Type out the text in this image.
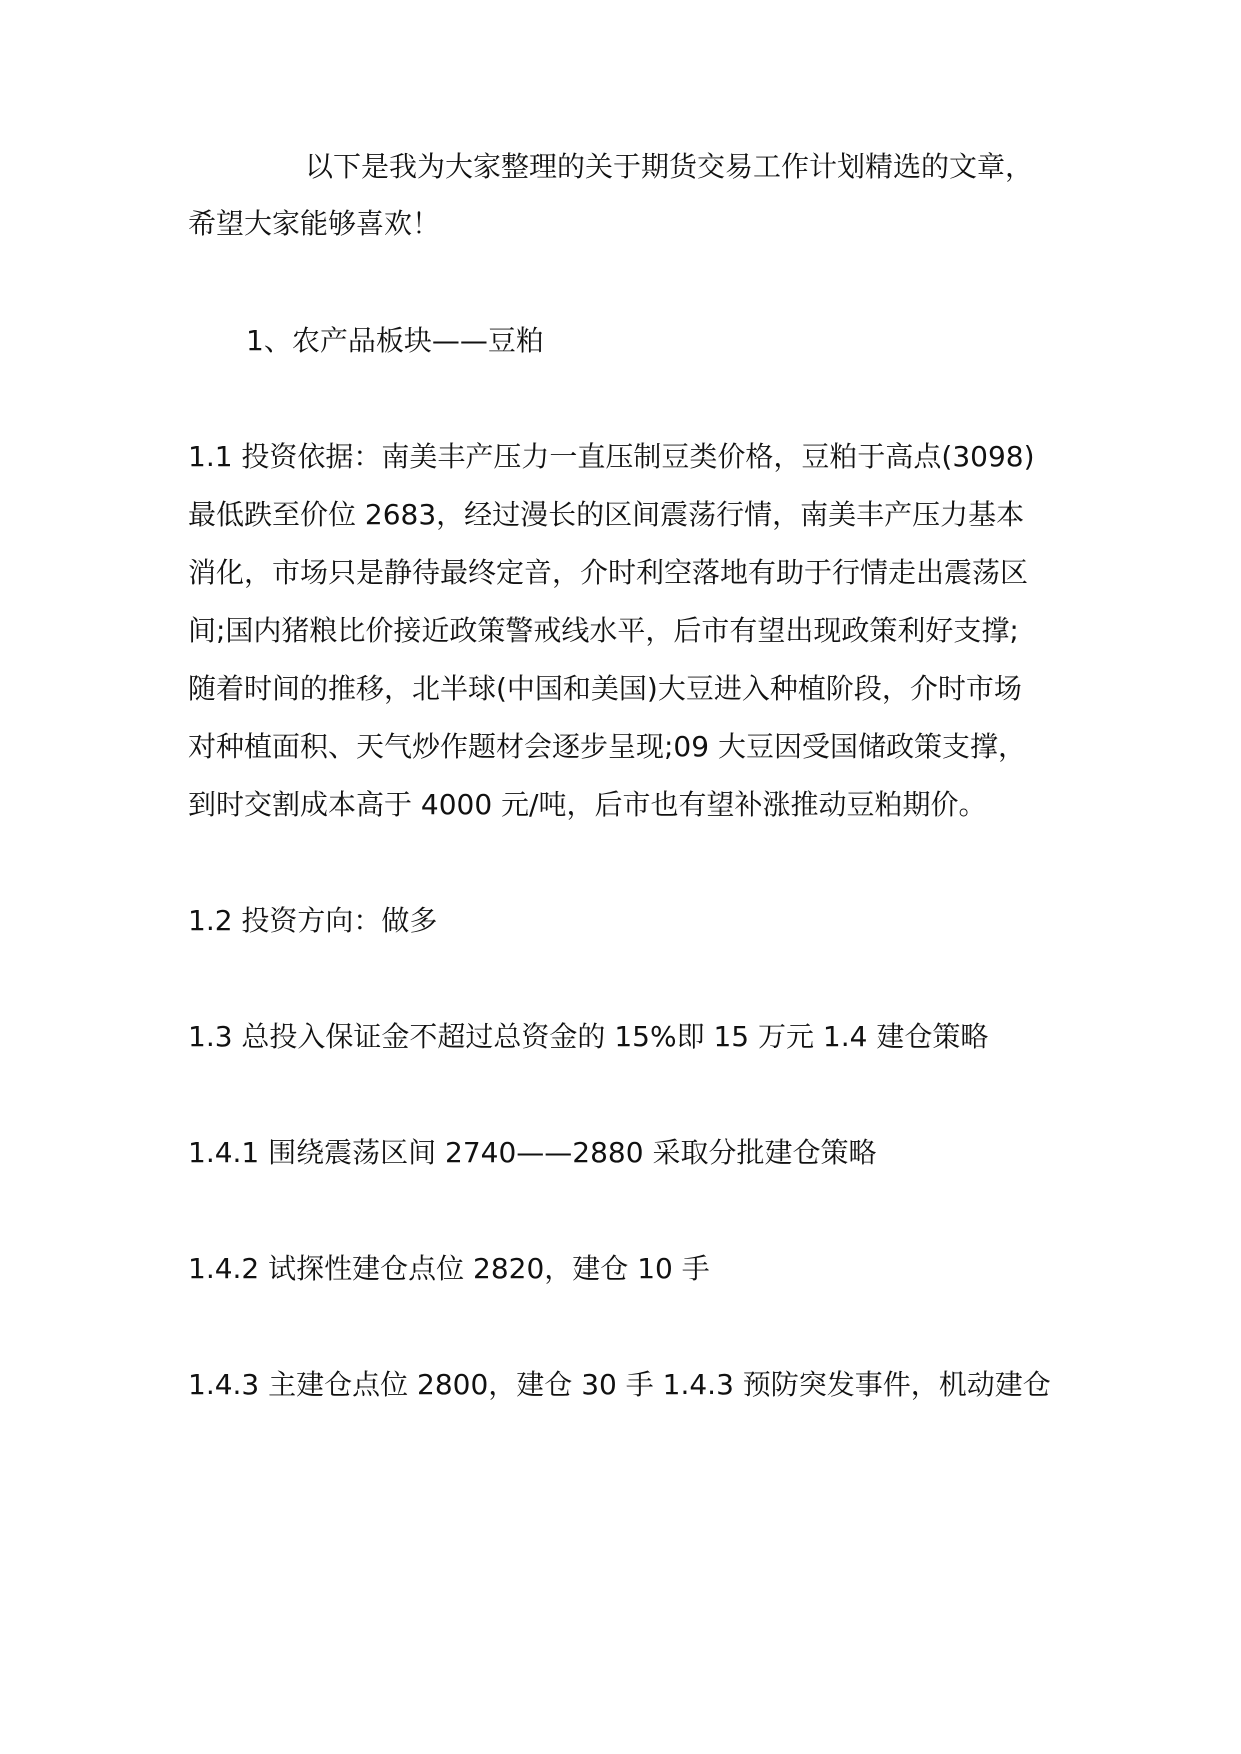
以下是我为大家整理的关于期货交易工作计划精选的文章，
希望大家能够喜欢！
1、农产品板块——豆粕
1.1 投资依据：南美丰产压力一直压制豆类价格，豆粕于高点(3098)
最低跌至价位 2683，经过漫长的区间震荡行情，南美丰产压力基本
消化，市场只是静待最终定音，介时利空落地有助于行情走出震荡区
间;国内猪粮比价接近政策警戒线水平，后市有望出现政策利好支撑;
随着时间的推移，北半球(中国和美国)大豆进入种植阶段，介时市场
对种植面积、天气炒作题材会逐步呈现;09 大豆因受国储政策支撑，
到时交割成本高于 4000 元/吨，后市也有望补涨推动豆粕期价。
1.2 投资方向：做多
1.3 总投入保证金不超过总资金的 15%即 15 万元 1.4 建仓策略
1.4.1 围绕震荡区间 2740——2880 采取分批建仓策略
1.4.2 试探性建仓点位 2820，建仓 10 手
1.4.3 主建仓点位 2800，建仓 30 手 1.4.3 预防突发事件，机动建仓
